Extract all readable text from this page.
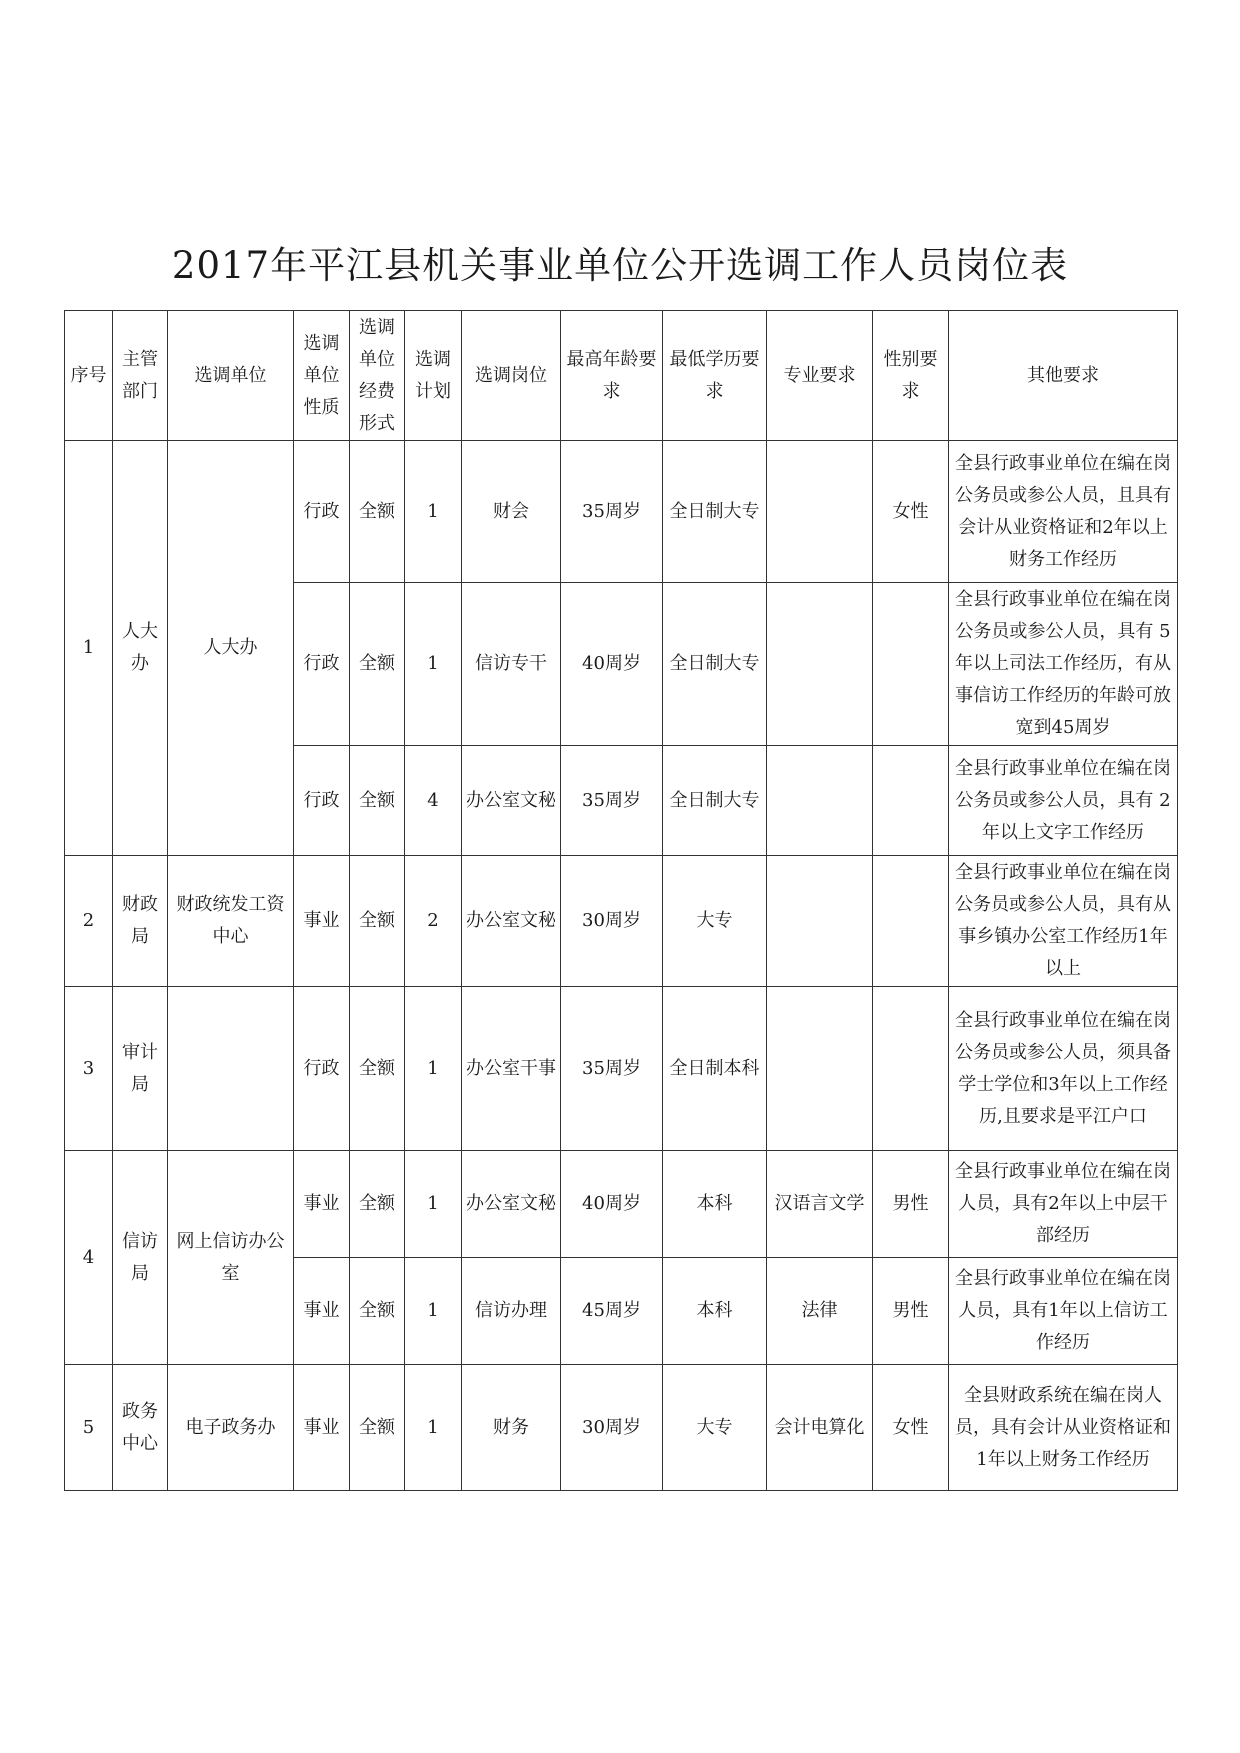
2017年平江县机关事业单位公开选调工作人员岗位表
序号	主管部门	选调单位	选调单位性质	选调单位经费形式	选调计划	选调岗位	最高年龄要求	最低学历要求	专业要求	性别要求	其他要求
1	人大办	人大办	行政	全额	1	财会	35周岁	全日制大专		女性	全县行政事业单位在编在岗公务员或参公人员，且具有会计从业资格证和2年以上财务工作经历
			行政	全额	1	信访专干	40周岁	全日制大专			全县行政事业单位在编在岗公务员或参公人员，具有 5年以上司法工作经历，有从事信访工作经历的年龄可放宽到45周岁
			行政	全额	4	办公室文秘	35周岁	全日制大专			全县行政事业单位在编在岗公务员或参公人员，具有 2年以上文字工作经历
2	财政局	财政统发工资中心	事业	全额	2	办公室文秘	30周岁	大专			全县行政事业单位在编在岗公务员或参公人员，具有从事乡镇办公室工作经历1年以上
3	审计局		行政	全额	1	办公室干事	35周岁	全日制本科			全县行政事业单位在编在岗公务员或参公人员，须具备学士学位和3年以上工作经历,且要求是平江户口
4	信访局	网上信访办公室	事业	全额	1	办公室文秘	40周岁	本科	汉语言文学	男性	全县行政事业单位在编在岗人员，具有2年以上中层干部经历
			事业	全额	1	信访办理	45周岁	本科	法律	男性	全县行政事业单位在编在岗人员，具有1年以上信访工作经历
5	政务中心	电子政务办	事业	全额	1	财务	30周岁	大专	会计电算化	女性	全县财政系统在编在岗人员，具有会计从业资格证和1年以上财务工作经历
